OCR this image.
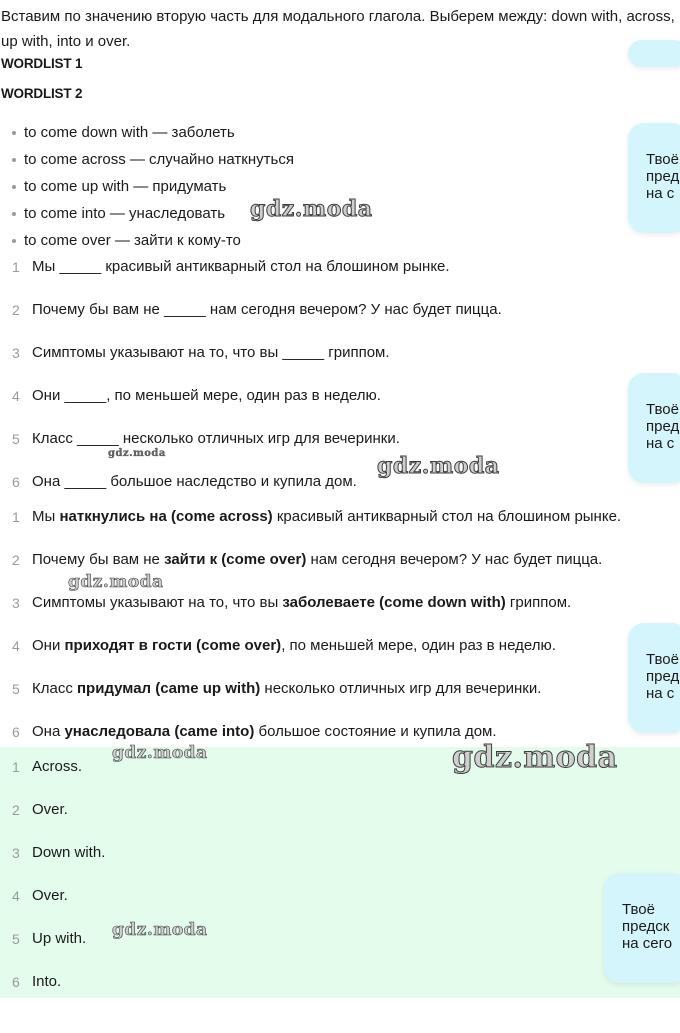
Вставим по значению вторую часть для модального глагола. Выберем между: down with, across, up with, into и over.
WORDLIST 1
WORDLIST 2
to come down with — заболеть
to come across — случайно наткнуться
to come up with — придумать
to come into — унаследовать
to come over — зайти к кому-то
1 Мы _____ красивый антикварный стол на блошином рынке.
2 Почему бы вам не _____ нам сегодня вечером? У нас будет пицца.
3 Симптомы указывают на то, что вы _____ гриппом.
4 Они _____, по меньшей мере, один раз в неделю.
5 Класс _____ несколько отличных игр для вечеринки.
6 Она _____ большое наследство и купила дом.
1 Мы наткнулись на (come across) красивый антикварный стол на блошином рынке.
2 Почему бы вам не зайти к (come over) нам сегодня вечером? У нас будет пицца.
3 Симптомы указывают на то, что вы заболеваете (come down with) гриппом.
4 Они приходят в гости (come over) , по меньшей мере, один раз в неделю.
5 Класс придумал (came up with) несколько отличных игр для вечеринки.
6 Она унаследовала (came into) большое состояние и купила дом.
1 Across.
2 Over.
3 Down with.
4 Over.
5 Up with.
6 Into.
Твоё
пред
на с
Твоё
пред
на с
Твоё
пред
на с
Твоё
предск
на сего
gdz.moda
gdz.moda	gdz.moda
gdz.moda
gdz.moda	gdz.moda
gdz.moda
